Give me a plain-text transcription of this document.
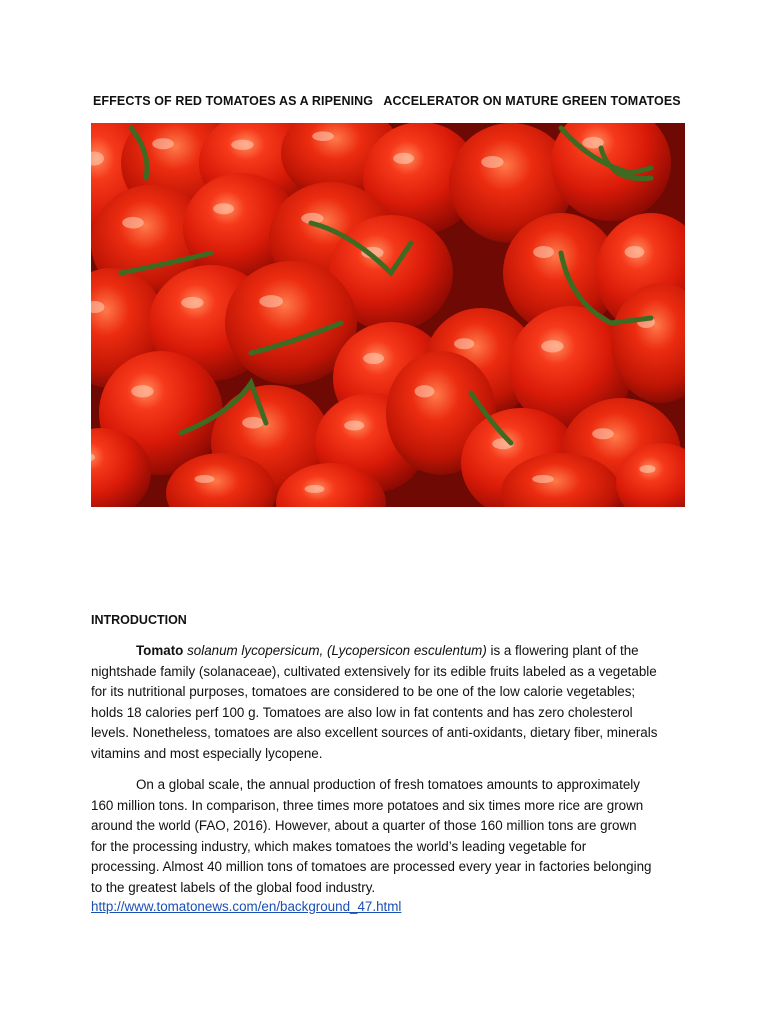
EFFECTS OF RED TOMATOES AS A RIPENING   ACCELERATOR ON MATURE GREEN TOMATOES
INTRODUCTION
Tomato solanum lycopersicum, (Lycopersicon esculentum) is a flowering plant of the
nightshade family (solanaceae), cultivated extensively for its edible fruits labeled as a vegetable
for its nutritional purposes, tomatoes are considered to be one of the low calorie vegetables;
holds 18 calories perf 100 g. Tomatoes are also low in fat contents and has zero cholesterol
levels. Nonetheless, tomatoes are also excellent sources of anti-oxidants, dietary fiber, minerals
vitamins and most especially lycopene.
On a global scale, the annual production of fresh tomatoes amounts to approximately
160 million tons. In comparison, three times more potatoes and six times more rice are grown
around the world (FAO, 2016). However, about a quarter of those 160 million tons are grown
for the processing industry, which makes tomatoes the world’s leading vegetable for
processing. Almost 40 million tons of tomatoes are processed every year in factories belonging
to the greatest labels of the global food industry.
http://www.tomatonews.com/en/background_47.html
